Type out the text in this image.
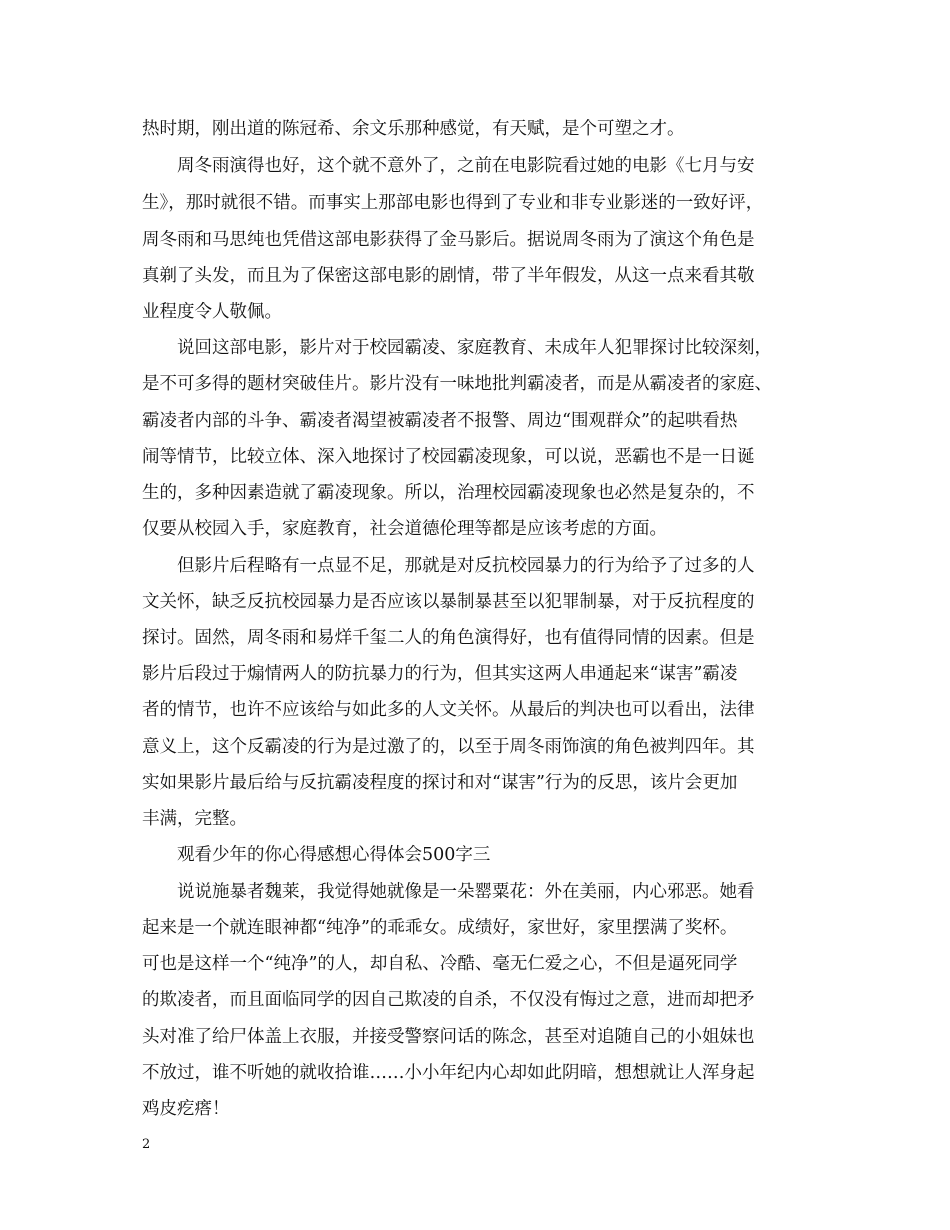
热时期，刚出道的陈冠希、余文乐那种感觉，有天赋，是个可塑之才。
周冬雨演得也好，这个就不意外了，之前在电影院看过她的电影《七月与安
生》，那时就很不错。而事实上那部电影也得到了专业和非专业影迷的一致好评，
周冬雨和马思纯也凭借这部电影获得了金马影后。据说周冬雨为了演这个角色是
真剃了头发，而且为了保密这部电影的剧情，带了半年假发，从这一点来看其敬
业程度令人敬佩。
说回这部电影，影片对于校园霸凌、家庭教育、未成年人犯罪探讨比较深刻，
是不可多得的题材突破佳片。影片没有一味地批判霸凌者，而是从霸凌者的家庭、
霸凌者内部的斗争、霸凌者渴望被霸凌者不报警、周边“围观群众”的起哄看热
闹等情节，比较立体、深入地探讨了校园霸凌现象，可以说，恶霸也不是一日诞
生的，多种因素造就了霸凌现象。所以，治理校园霸凌现象也必然是复杂的，不
仅要从校园入手，家庭教育，社会道德伦理等都是应该考虑的方面。
但影片后程略有一点显不足，那就是对反抗校园暴力的行为给予了过多的人
文关怀，缺乏反抗校园暴力是否应该以暴制暴甚至以犯罪制暴，对于反抗程度的
探讨。固然，周冬雨和易烊千玺二人的角色演得好，也有值得同情的因素。但是
影片后段过于煽情两人的防抗暴力的行为，但其实这两人串通起来“谋害”霸凌
者的情节，也许不应该给与如此多的人文关怀。从最后的判决也可以看出，法律
意义上，这个反霸凌的行为是过激了的，以至于周冬雨饰演的角色被判四年。其
实如果影片最后给与反抗霸凌程度的探讨和对“谋害”行为的反思，该片会更加
丰满，完整。
观看少年的你心得感想心得体会500字三
说说施暴者魏莱，我觉得她就像是一朵罂粟花：外在美丽，内心邪恶。她看
起来是一个就连眼神都“纯净”的乖乖女。成绩好，家世好，家里摆满了奖杯。
可也是这样一个“纯净”的人，却自私、冷酷、毫无仁爱之心，不但是逼死同学
的欺凌者，而且面临同学的因自己欺凌的自杀，不仅没有悔过之意，进而却把矛
头对准了给尸体盖上衣服，并接受警察问话的陈念，甚至对追随自己的小姐妹也
不放过，谁不听她的就收拾谁……小小年纪内心却如此阴暗，想想就让人浑身起
鸡皮疙瘩！
2
